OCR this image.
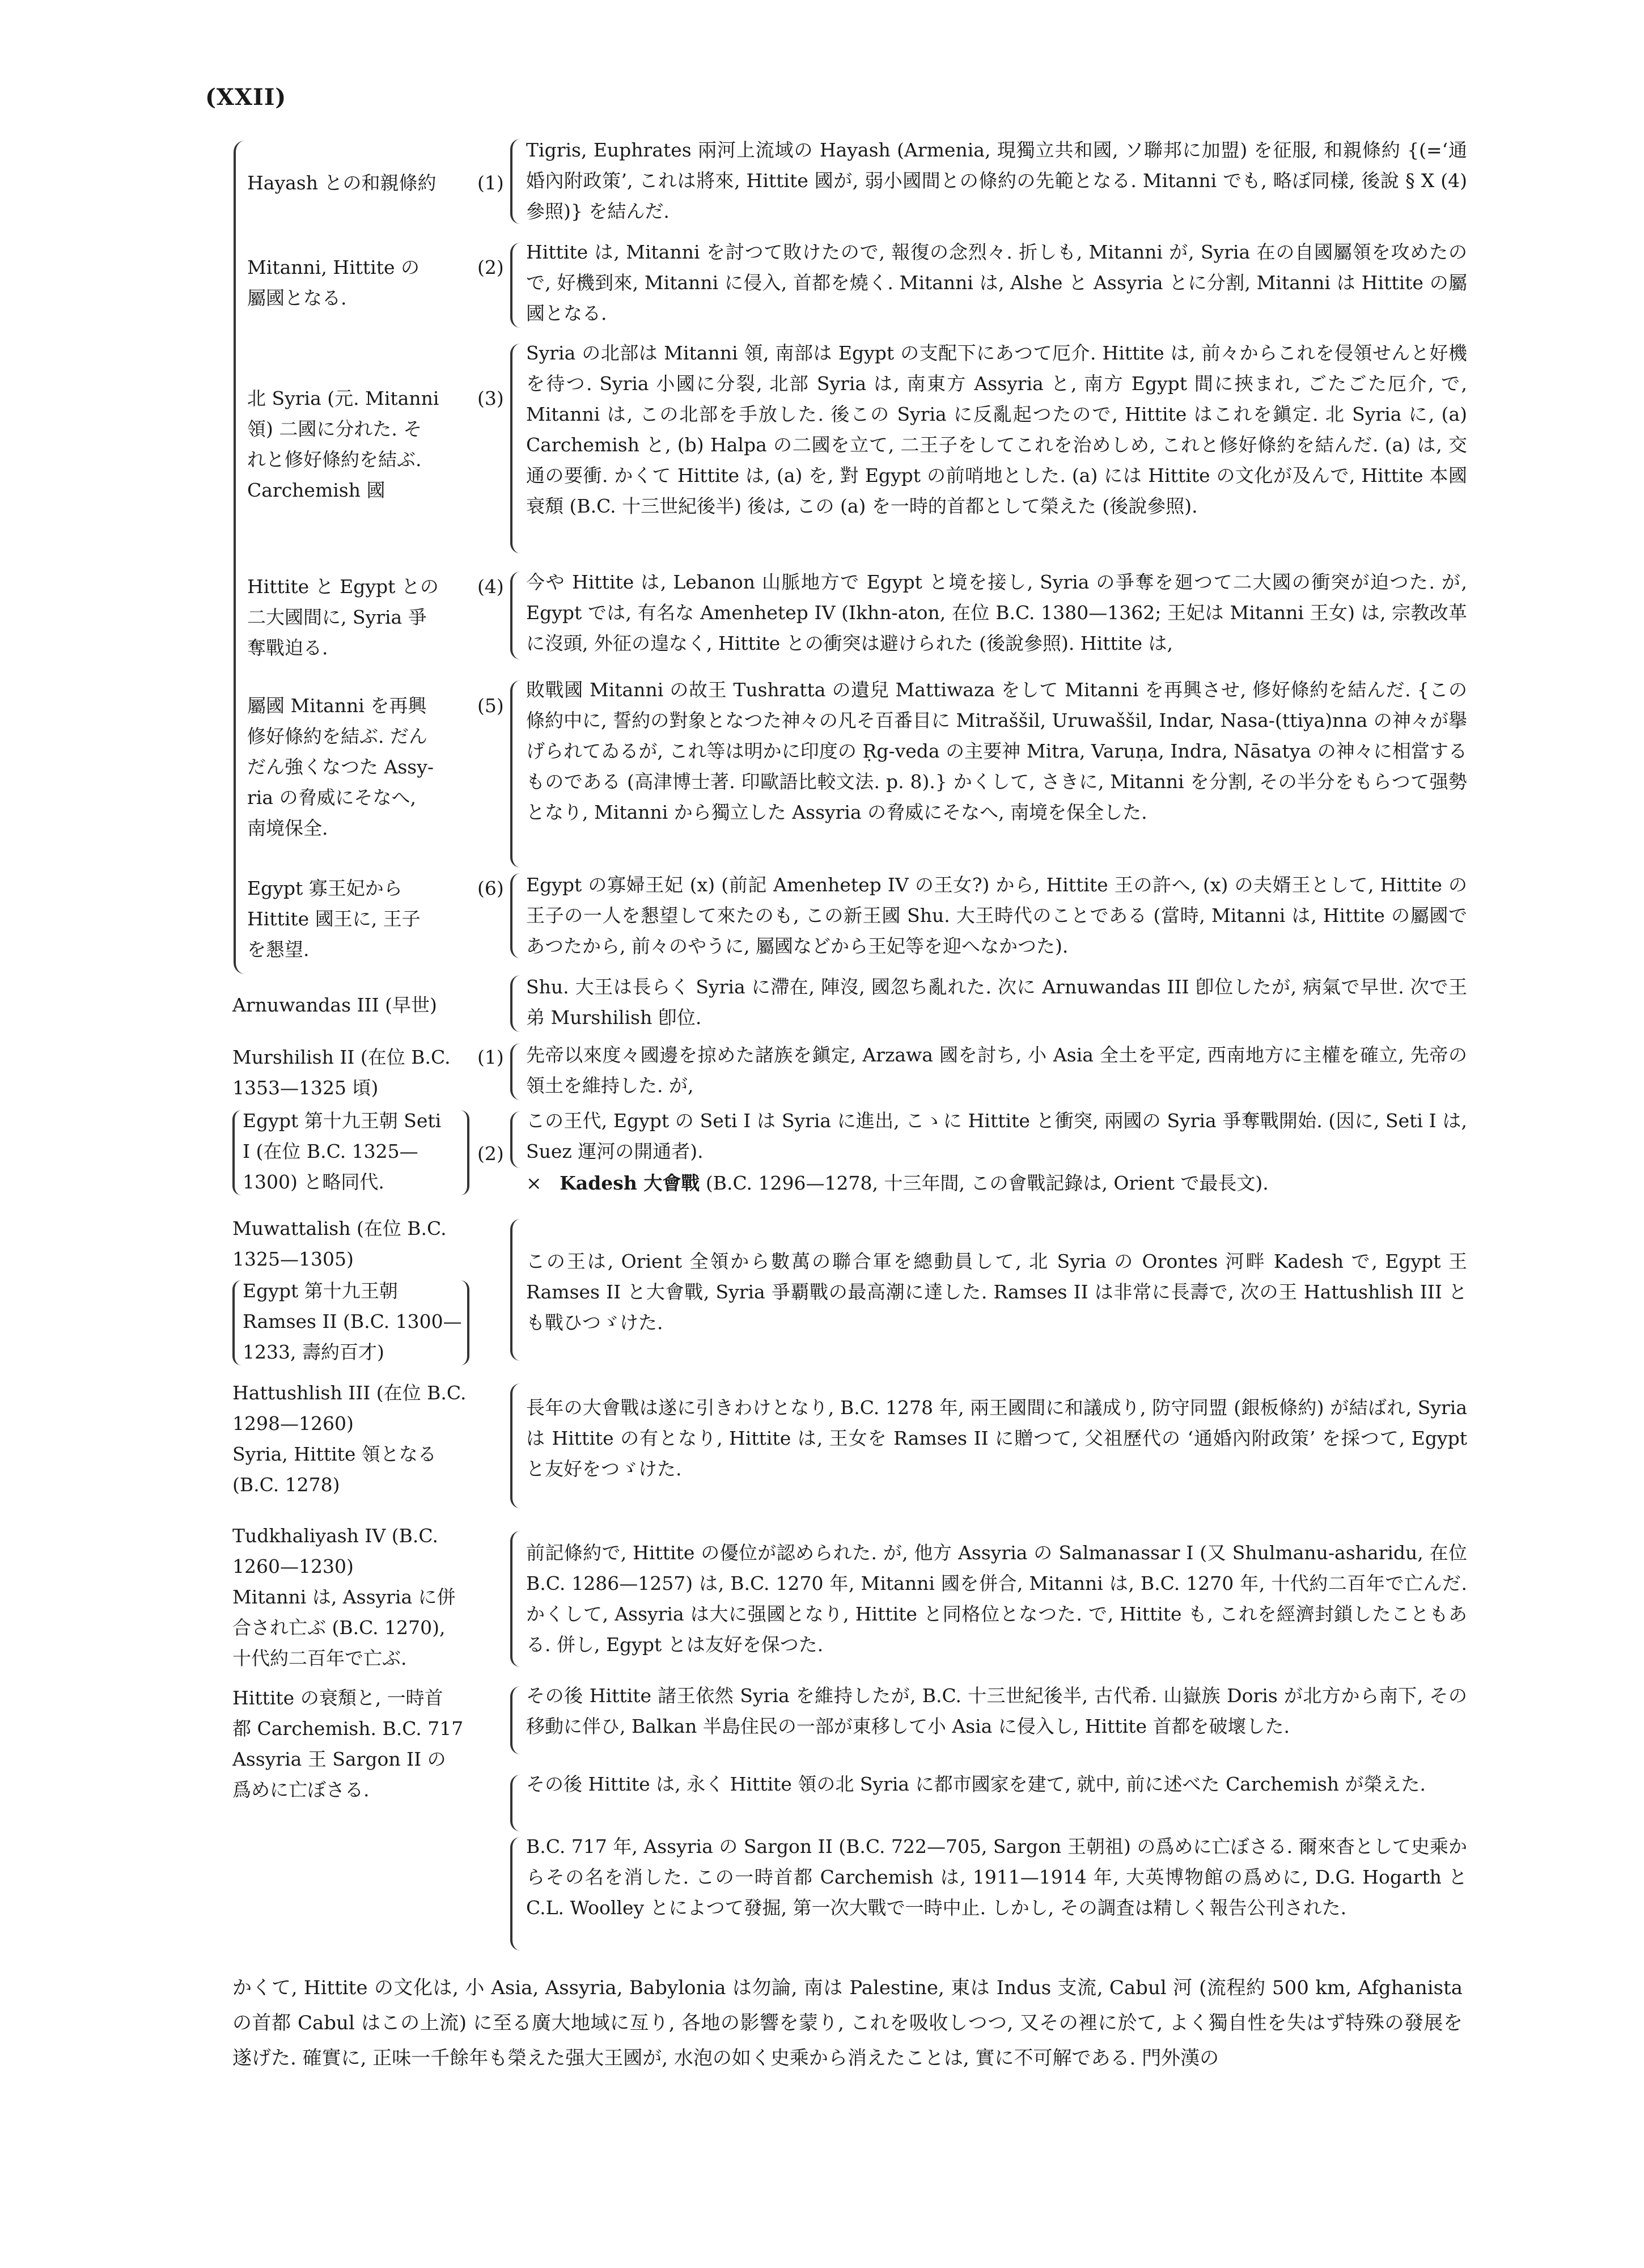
(XXII)
Hayash との和親條約	(1)
Tigris, Euphrates 兩河上流域の Hayash (Armenia, 現獨立共和國, ソ聯邦に加盟) を征服, 和親條約 {(=‘通婚內附政策’, これは將來, Hittite 國が, 弱小國間との條約の先範となる. Mitanni でも, 略ぼ同樣, 後說 § X (4) 參照)} を結んだ.
Mitanni, Hittite の
屬國となる.
(2)
Hittite は, Mitanni を討つて敗けたので, 報復の念烈々. 折しも, Mitanni が, Syria 在の自國屬領を攻めたので, 好機到來, Mitanni に侵入, 首都を燒く. Mitanni は, Alshe と Assyria とに分割, Mitanni は Hittite の屬國となる.
北 Syria (元. Mitanni
領) 二國に分れた. そ
れと修好條約を結ぶ.
Carchemish 國
(3)
Syria の北部は Mitanni 領, 南部は Egypt の支配下にあつて厄介. Hittite は, 前々からこれを侵領せんと好機を待つ. Syria 小國に分裂, 北部 Syria は, 南東方 Assyria と, 南方 Egypt 間に挾まれ, ごたごた厄介, で, Mitanni は, この北部を手放した. 後この Syria に反亂起つたので, Hittite はこれを鎭定. 北 Syria に, (a) Carchemish と, (b) Halpa の二國を立て, 二王子をしてこれを治めしめ, これと修好條約を結んだ. (a) は, 交通の要衝. かくて Hittite は, (a) を, 對 Egypt の前哨地とした. (a) には Hittite の文化が及んで, Hittite 本國衰頽 (B.C. 十三世紀後半) 後は, この (a) を一時的首都として榮えた (後說參照).
Hittite と Egypt との
二大國間に, Syria 爭
奪戰迫る.
(4) 今や Hittite は, Lebanon 山脈地方で Egypt と境を接し, Syria の爭奪を廻つて二大國の衝突が迫つた. が, Egypt では, 有名な Amenhetep IV (Ikhn-aton, 在位 B.C. 1380—1362; 王妃は Mitanni 王女) は, 宗教改革に沒頭, 外征の遑なく, Hittite との衝突は避けられた (後說參照). Hittite は,
屬國 Mitanni を再興
修好條約を結ぶ. だん
だん強くなつた Assy-
ria の脅威にそなへ,
南境保全.
(5)
敗戰國 Mitanni の故王 Tushratta の遺兒 Mattiwaza をして Mitanni を再興させ, 修好條約を結んだ. {この條約中に, 誓約の對象となつた神々の凡そ百番目に Mitraššil, Uruwaššil, Indar, Nasa-(ttiya)nna の神々が擧げられてゐるが, これ等は明かに印度の Ṛg-veda の主要神 Mitra, Varuṇa, Indra, Nāsatya の神々に相當するものである (高津博士著. 印歐語比較文法. p. 8).} かくして, さきに, Mitanni を分割, その半分をもらつて强勢となり, Mitanni から獨立した Assyria の脅威にそなへ, 南境を保全した.
Egypt 寡王妃から
Hittite 國王に, 王子
を懇望.
(6) Egypt の寡婦王妃 (x) (前記 Amenhetep IV の王女?) から, Hittite 王の許へ, (x) の夫婿王として, Hittite の王子の一人を懇望して來たのも, この新王國 Shu. 大王時代のことである (當時, Mitanni は, Hittite の屬國であつたから, 前々のやうに, 屬國などから王妃等を迎へなかつた).
Arnuwandas III (早世)
Shu. 大王は長らく Syria に滯在, 陣沒, 國忽ち亂れた. 次に Arnuwandas III 卽位したが, 病氣で早世. 次で王弟 Murshilish 卽位.
Murshilish II (在位 B.C.
1353—1325 頃)
(1) 先帝以來度々國邊を掠めた諸族を鎭定, Arzawa 國を討ち, 小 Asia 全土を平定, 西南地方に主權を確立, 先帝の領土を維持した. が,
Egypt 第十九王朝 Seti
I (在位 B.C. 1325—
1300) と略同代.
(2)
この王代, Egypt の Seti I は Syria に進出, こゝに Hittite と衝突, 兩國の Syria 爭奪戰開始. (因に, Seti I は, Suez 運河の開通者).
× Kadesh 大會戰 (B.C. 1296—1278, 十三年間, この會戰記錄は, Orient で最長文).
Muwattalish (在位 B.C.
1325—1305)
Egypt 第十九王朝
Ramses II (B.C. 1300—
1233, 壽約百才)
この王は, Orient 全領から數萬の聯合軍を總動員して, 北 Syria の Orontes 河畔 Kadesh で, Egypt 王 Ramses II と大會戰, Syria 爭覇戰の最高潮に達した. Ramses II は非常に長壽で, 次の王 Hattushlish III とも戰ひつゞけた.
Hattushlish III (在位 B.C.
1298—1260)
Syria, Hittite 領となる
(B.C. 1278)
長年の大會戰は遂に引きわけとなり, B.C. 1278 年, 兩王國間に和議成り, 防守同盟 (銀板條約) が結ばれ, Syria は Hittite の有となり, Hittite は, 王女を Ramses II に贈つて, 父祖歷代の ‘通婚內附政策’ を採つて, Egypt と友好をつゞけた.
Tudkhaliyash IV (B.C.
1260—1230)
Mitanni は, Assyria に併
合され亡ぶ (B.C. 1270),
十代約二百年で亡ぶ.
前記條約で, Hittite の優位が認められた. が, 他方 Assyria の Salmanassar I (又 Shulmanu-asharidu, 在位 B.C. 1286—1257) は, B.C. 1270 年, Mitanni 國を併合, Mitanni は, B.C. 1270 年, 十代約二百年で亡んだ. かくして, Assyria は大に强國となり, Hittite と同格位となつた. で, Hittite も, これを經濟封鎖したこともある. 併し, Egypt とは友好を保つた.
Hittite の衰頽と, 一時首
都 Carchemish. B.C. 717
Assyria 王 Sargon II の
爲めに亡ぼさる.
その後 Hittite 諸王依然 Syria を維持したが, B.C. 十三世紀後半, 古代希. 山嶽族 Doris が北方から南下, その移動に伴ひ, Balkan 半島住民の一部が東移して小 Asia に侵入し, Hittite 首都を破壞した.
その後 Hittite は, 永く Hittite 領の北 Syria に都市國家を建て, 就中, 前に述べた Carchemish が榮えた.
B.C. 717 年, Assyria の Sargon II (B.C. 722—705, Sargon 王朝祖) の爲めに亡ぼさる. 爾來杳として史乘からその名を消した. この一時首都 Carchemish は, 1911—1914 年, 大英博物館の爲めに, D.G. Hogarth と C.L. Woolley とによつて發掘, 第一次大戰で一時中止. しかし, その調査は精しく報告公刊された.
かくて, Hittite の文化は, 小 Asia, Assyria, Babylonia は勿論, 南は Palestine, 東は Indus 支流, Cabul 河 (流程約 500 km, Afghanista の首都 Cabul はこの上流) に至る廣大地域に亙り, 各地の影響を蒙り, これを吸收しつつ, 又その裡に於て, よく獨自性を失はず特殊の發展を遂げた. 確實に, 正味一千餘年も榮えた强大王國が, 水泡の如く史乘から消えたことは, 實に不可解である. 門外漢の
